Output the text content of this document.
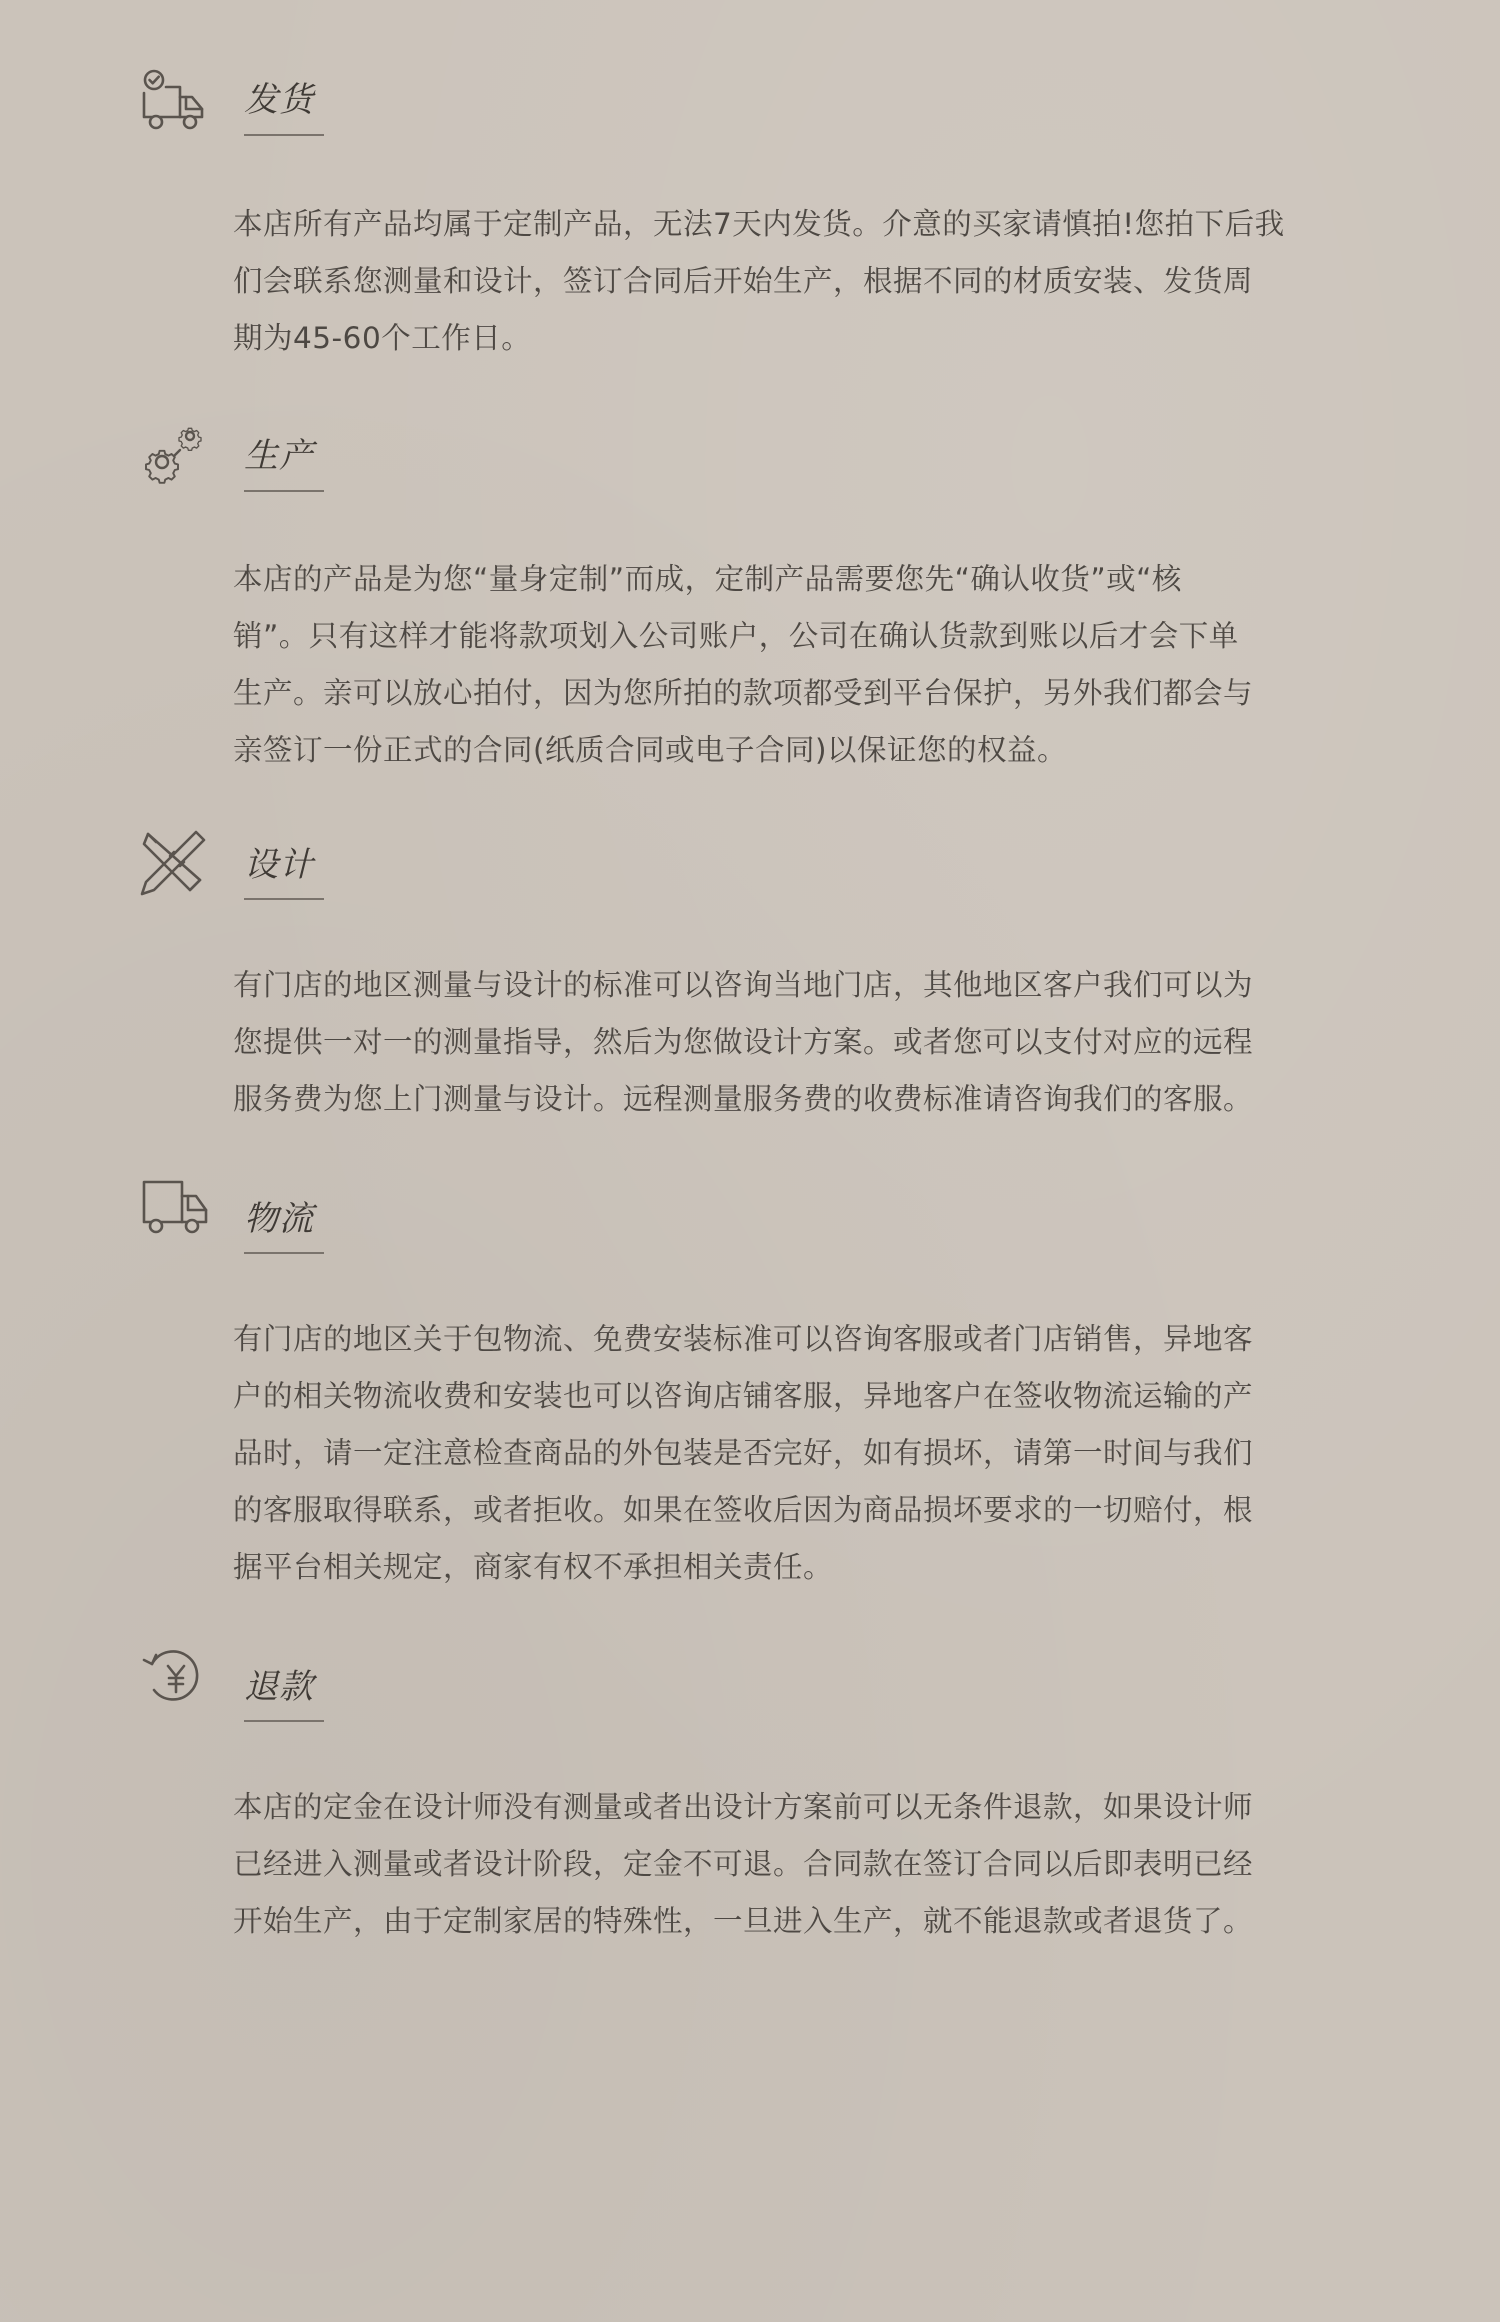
发货

本店所有产品均属于定制产品，无法7天内发货。介意的买家请慎拍!您拍下后我

们会联系您测量和设计，签订合同后开始生产，根据不同的材质安装、发货周

期为45-60个工作日。

生产

本店的产品是为您“量身定制”而成，定制产品需要您先“确认收货”或“核

销”。只有这样才能将款项划入公司账户，公司在确认货款到账以后才会下单

生产。亲可以放心拍付，因为您所拍的款项都受到平台保护，另外我们都会与

亲签订一份正式的合同(纸质合同或电子合同)以保证您的权益。

设计

有门店的地区测量与设计的标准可以咨询当地门店，其他地区客户我们可以为

您提供一对一的测量指导，然后为您做设计方案。或者您可以支付对应的远程

服务费为您上门测量与设计。远程测量服务费的收费标准请咨询我们的客服。

物流

有门店的地区关于包物流、免费安装标准可以咨询客服或者门店销售，异地客

户的相关物流收费和安装也可以咨询店铺客服，异地客户在签收物流运输的产

品时，请一定注意检查商品的外包装是否完好，如有损坏，请第一时间与我们

的客服取得联系，或者拒收。如果在签收后因为商品损坏要求的一切赔付，根

据平台相关规定，商家有权不承担相关责任。

退款

本店的定金在设计师没有测量或者出设计方案前可以无条件退款，如果设计师

已经进入测量或者设计阶段，定金不可退。合同款在签订合同以后即表明已经

开始生产，由于定制家居的特殊性，一旦进入生产，就不能退款或者退货了。
